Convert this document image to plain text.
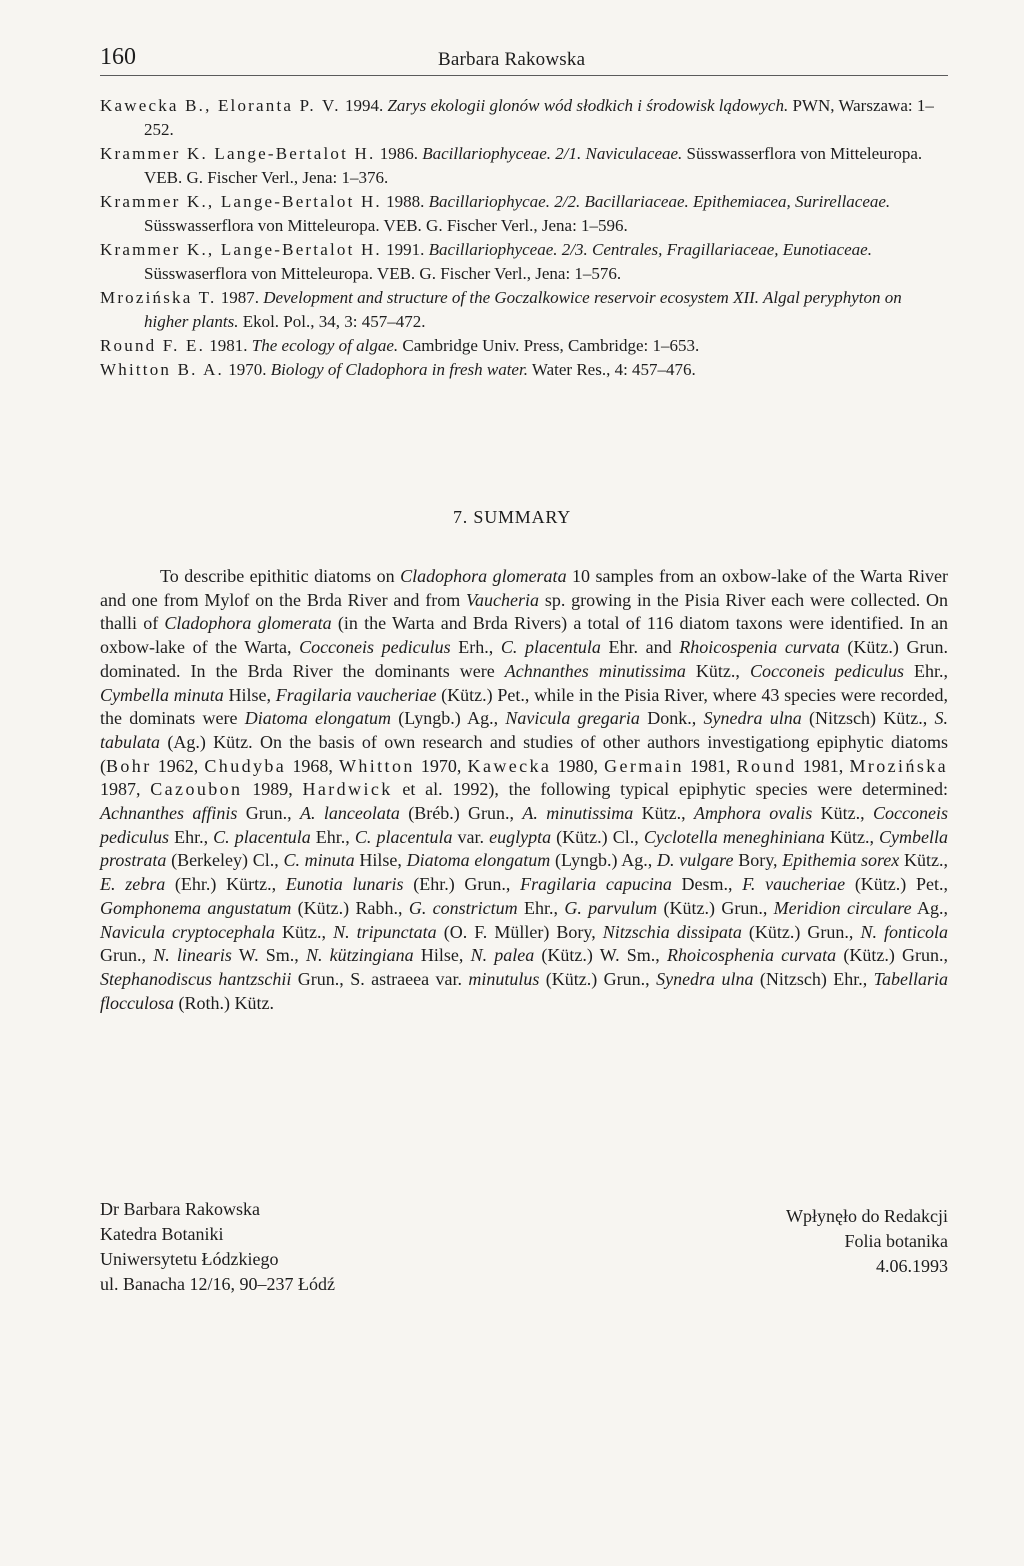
160	Barbara Rakowska
Kawecka B., Eloranta P. V. 1994. Zarys ekologii glonów wód słodkich i środowisk lądowych. PWN, Warszawa: 1–252.
Krammer K. Lange-Bertalot H. 1986. Bacillariophyceae. 2/1. Naviculaceae. Süsswasserflora von Mitteleuropa. VEB. G. Fischer Verl., Jena: 1–376.
Krammer K., Lange-Bertalot H. 1988. Bacillariophycae. 2/2. Bacillariaceae. Epithemiacea, Surirellaceae. Süsswasserflora von Mitteleuropa. VEB. G. Fischer Verl., Jena: 1–596.
Krammer K., Lange-Bertalot H. 1991. Bacillariophyceae. 2/3. Centrales, Fragillariaceae, Eunotiaceae. Süsswaserflora von Mitteleuropa. VEB. G. Fischer Verl., Jena: 1–576.
Mrozińska T. 1987. Development and structure of the Goczalkowice reservoir ecosystem XII. Algal peryphyton on higher plants. Ekol. Pol., 34, 3: 457–472.
Round F. E. 1981. The ecology of algae. Cambridge Univ. Press, Cambridge: 1–653.
Whitton B. A. 1970. Biology of Cladophora in fresh water. Water Res., 4: 457–476.
7. SUMMARY
To describe epithitic diatoms on Cladophora glomerata 10 samples from an oxbow-lake of the Warta River and one from Mylof on the Brda River and from Vaucheria sp. growing in the Pisia River each were collected. On thalli of Cladophora glomerata (in the Warta and Brda Rivers) a total of 116 diatom taxons were identified. In an oxbow-lake of the Warta, Cocconeis pediculus Erh., C. placentula Ehr. and Rhoicospenia curvata (Kütz.) Grun. dominated. In the Brda River the dominants were Achnanthes minutissima Kütz., Cocconeis pediculus Ehr., Cymbella minuta Hilse, Fragilaria vaucheriae (Kütz.) Pet., while in the Pisia River, where 43 species were recorded, the dominats were Diatoma elongatum (Lyngb.) Ag., Navicula gregaria Donk., Synedra ulna (Nitzsch) Kütz., S. tabulata (Ag.) Kütz. On the basis of own research and studies of other authors investigationg epiphytic diatoms (Bohr 1962, Chudyba 1968, Whitton 1970, Kawecka 1980, Germain 1981, Round 1981, Mrozińska 1987, Cazoubon 1989, Hardwick et al. 1992), the following typical epiphytic species were determined: Achnanthes affinis Grun., A. lanceolata (Bréb.) Grun., A. minutissima Kütz., Amphora ovalis Kütz., Cocconeis pediculus Ehr., C. placentula Ehr., C. placentula var. euglypta (Kütz.) Cl., Cyclotella meneghiniana Kütz., Cymbella prostrata (Berkeley) Cl., C. minuta Hilse, Diatoma elongatum (Lyngb.) Ag., D. vulgare Bory, Epithemia sorex Kütz., E. zebra (Ehr.) Kürtz., Eunotia lunaris (Ehr.) Grun., Fragilaria capucina Desm., F. vaucheriae (Kütz.) Pet., Gomphonema angustatum (Kütz.) Rabh., G. constrictum Ehr., G. parvulum (Kütz.) Grun., Meridion circulare Ag., Navicula cryptocephala Kütz., N. tripunctata (O. F. Müller) Bory, Nitzschia dissipata (Kütz.) Grun., N. fonticola Grun., N. linearis W. Sm., N. kützingiana Hilse, N. palea (Kütz.) W. Sm., Rhoicosphenia curvata (Kütz.) Grun., Stephanodiscus hantzschii Grun., S. astraeea var. minutulus (Kütz.) Grun., Synedra ulna (Nitzsch) Ehr., Tabellaria flocculosa (Roth.) Kütz.
Dr Barbara Rakowska
Katedra Botaniki
Uniwersytetu Łódzkiego
ul. Banacha 12/16, 90–237 Łódź
Wpłynęło do Redakcji
Folia botanika
4.06.1993
